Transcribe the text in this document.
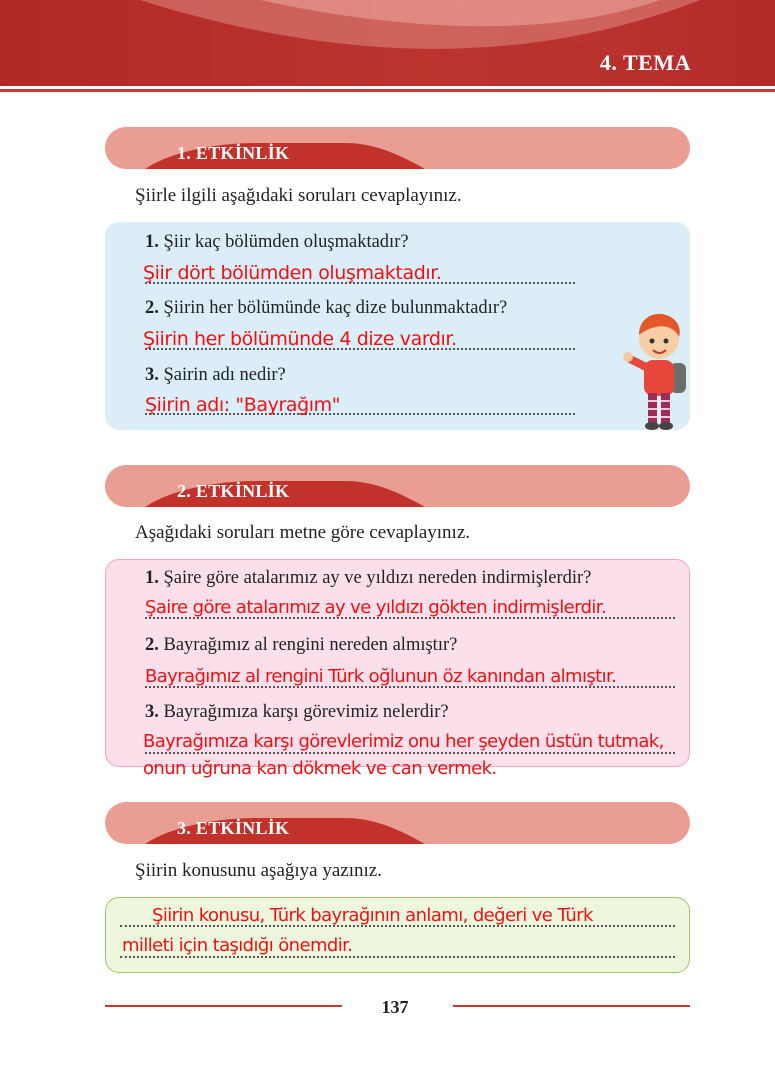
4. TEMA
1. ETKİNLİK
Şiirle ilgili aşağıdaki soruları cevaplayınız.
1. Şiir kaç bölümden oluşmaktadır?
Şiir dört bölümden oluşmaktadır.
2. Şiirin her bölümünde kaç dize bulunmaktadır?
Şiirin her bölümünde 4 dize vardır.
3. Şairin adı nedir?
Şiirin adı: "Bayrağım"
2. ETKİNLİK
Aşağıdaki soruları metne göre cevaplayınız.
1. Şaire göre atalarımız ay ve yıldızı nereden indirmişlerdir?
Şaire göre atalarımız ay ve yıldızı gökten indirmişlerdir.
2. Bayrağımız al rengini nereden almıştır?
Bayrağımız al rengini Türk oğlunun öz kanından almıştır.
3. Bayrağımıza karşı görevimiz nelerdir?
Bayrağımıza karşı görevlerimiz onu her şeyden üstün tutmak,
onun uğruna kan dökmek ve can vermek.
3. ETKİNLİK
Şiirin konusunu aşağıya yazınız.
Şiirin konusu, Türk bayrağının anlamı, değeri ve Türk
milleti için taşıdığı önemdir.
137
